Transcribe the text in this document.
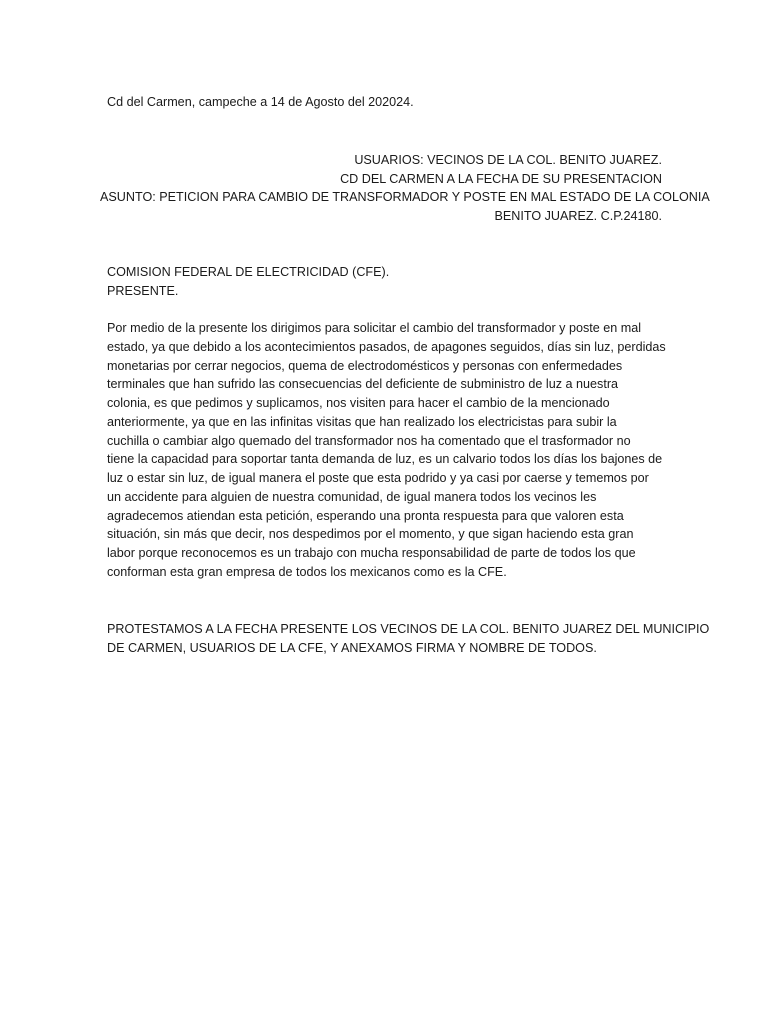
Cd del Carmen, campeche a 14 de Agosto del 202024.
USUARIOS: VECINOS DE LA COL. BENITO JUAREZ.
CD DEL CARMEN A LA FECHA DE SU PRESENTACION
ASUNTO: PETICION PARA CAMBIO DE TRANSFORMADOR Y POSTE EN MAL ESTADO DE LA COLONIA
BENITO JUAREZ. C.P.24180.
COMISION FEDERAL DE ELECTRICIDAD (CFE).
PRESENTE.
Por medio de la presente los dirigimos para solicitar el cambio del transformador y poste en mal
estado, ya que debido a los acontecimientos pasados, de apagones seguidos, días sin luz, perdidas
monetarias por cerrar negocios, quema de electrodomésticos y personas con enfermedades
terminales que han sufrido las consecuencias del deficiente de subministro de luz a nuestra
colonia, es que pedimos y suplicamos, nos visiten para hacer el cambio de la mencionado
anteriormente, ya que en las infinitas visitas que han realizado los electricistas para subir la
cuchilla o cambiar algo quemado del transformador nos ha comentado que el trasformador no
tiene la capacidad para soportar tanta demanda de luz, es un calvario todos los días los bajones de
luz o estar sin luz, de igual manera el poste que esta podrido y ya casi por caerse y tememos por
un accidente para alguien de nuestra comunidad, de igual manera todos los vecinos les
agradecemos atiendan esta petición, esperando una pronta respuesta para que valoren esta
situación, sin más que decir, nos despedimos por el momento, y que sigan haciendo esta gran
labor porque reconocemos es un trabajo con mucha responsabilidad de parte de todos los que
conforman esta gran empresa de todos los mexicanos como es la CFE.
PROTESTAMOS A LA FECHA PRESENTE LOS VECINOS DE LA COL. BENITO JUAREZ DEL MUNICIPIO
DE CARMEN, USUARIOS DE LA CFE, Y ANEXAMOS FIRMA Y NOMBRE DE TODOS.
